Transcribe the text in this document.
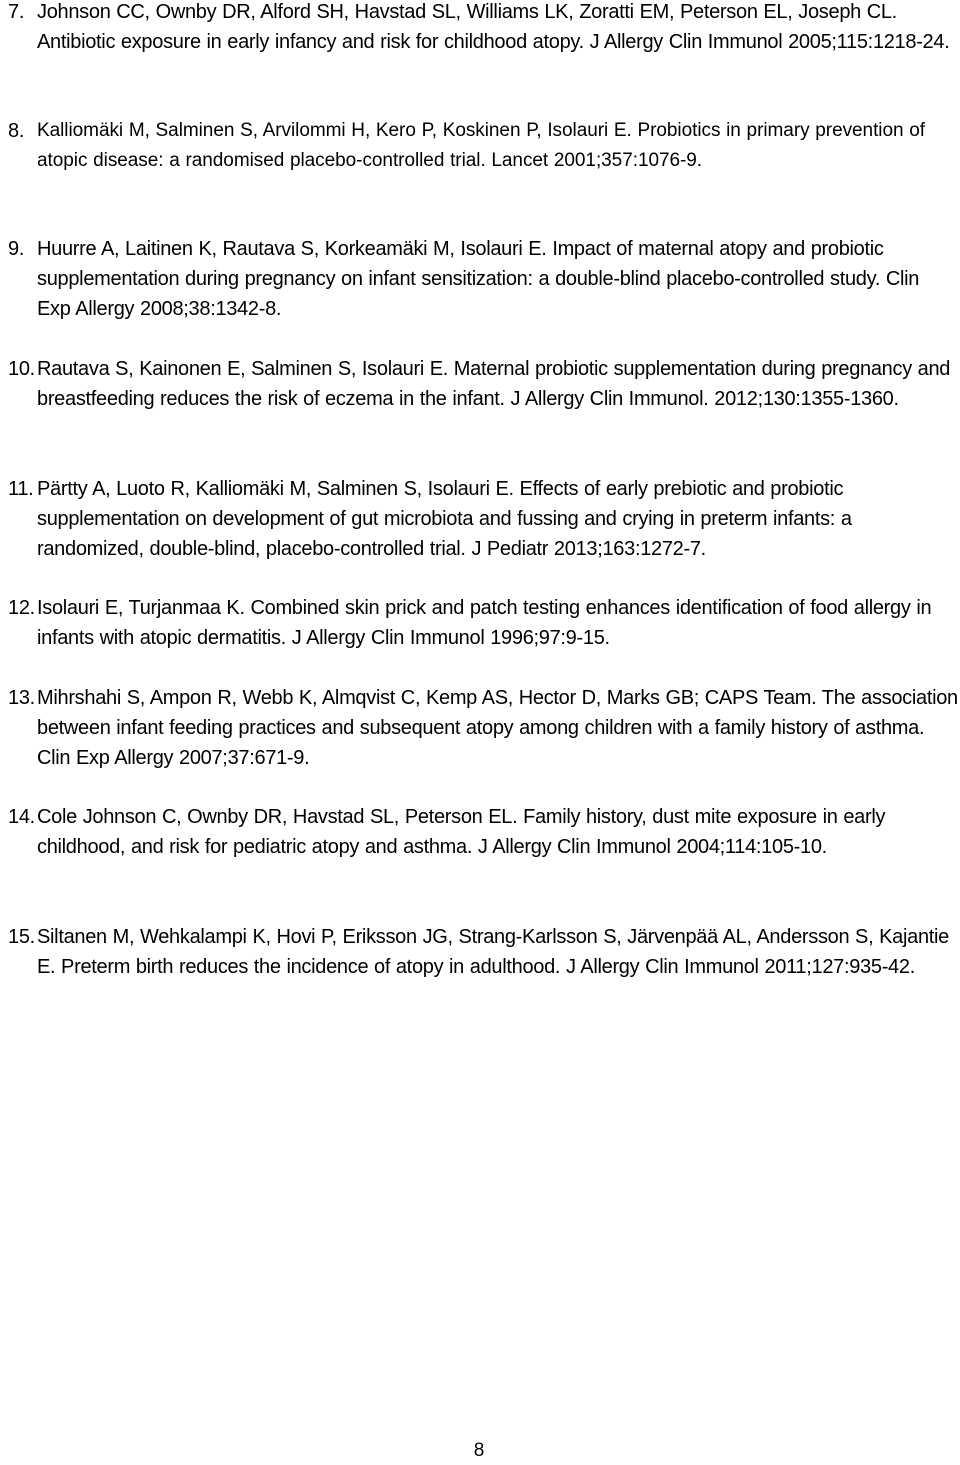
7. Johnson CC, Ownby DR, Alford SH, Havstad SL, Williams LK, Zoratti EM, Peterson EL, Joseph CL. Antibiotic exposure in early infancy and risk for childhood atopy. J Allergy Clin Immunol 2005;115:1218-24.
8. Kalliomäki M, Salminen S, Arvilommi H, Kero P, Koskinen P, Isolauri E. Probiotics in primary prevention of atopic disease: a randomised placebo-controlled trial. Lancet 2001;357:1076-9.
9. Huurre A, Laitinen K, Rautava S, Korkeamäki M, Isolauri E. Impact of maternal atopy and probiotic supplementation during pregnancy on infant sensitization: a double-blind placebo-controlled study. Clin Exp Allergy 2008;38:1342-8.
10. Rautava S, Kainonen E, Salminen S, Isolauri E. Maternal probiotic supplementation during pregnancy and breastfeeding reduces the risk of eczema in the infant. J Allergy Clin Immunol. 2012;130:1355-1360.
11. Pärtty A, Luoto R, Kalliomäki M, Salminen S, Isolauri E. Effects of early prebiotic and probiotic supplementation on development of gut microbiota and fussing and crying in preterm infants: a randomized, double-blind, placebo-controlled trial. J Pediatr 2013;163:1272-7.
12. Isolauri E, Turjanmaa K. Combined skin prick and patch testing enhances identification of food allergy in infants with atopic dermatitis. J Allergy Clin Immunol 1996;97:9-15.
13. Mihrshahi S, Ampon R, Webb K, Almqvist C, Kemp AS, Hector D, Marks GB; CAPS Team. The association between infant feeding practices and subsequent atopy among children with a family history of asthma. Clin Exp Allergy 2007;37:671-9.
14. Cole Johnson C, Ownby DR, Havstad SL, Peterson EL. Family history, dust mite exposure in early childhood, and risk for pediatric atopy and asthma. J Allergy Clin Immunol 2004;114:105-10.
15. Siltanen M, Wehkalampi K, Hovi P, Eriksson JG, Strang-Karlsson S, Järvenpää AL, Andersson S, Kajantie E. Preterm birth reduces the incidence of atopy in adulthood. J Allergy Clin Immunol 2011;127:935-42.
8
